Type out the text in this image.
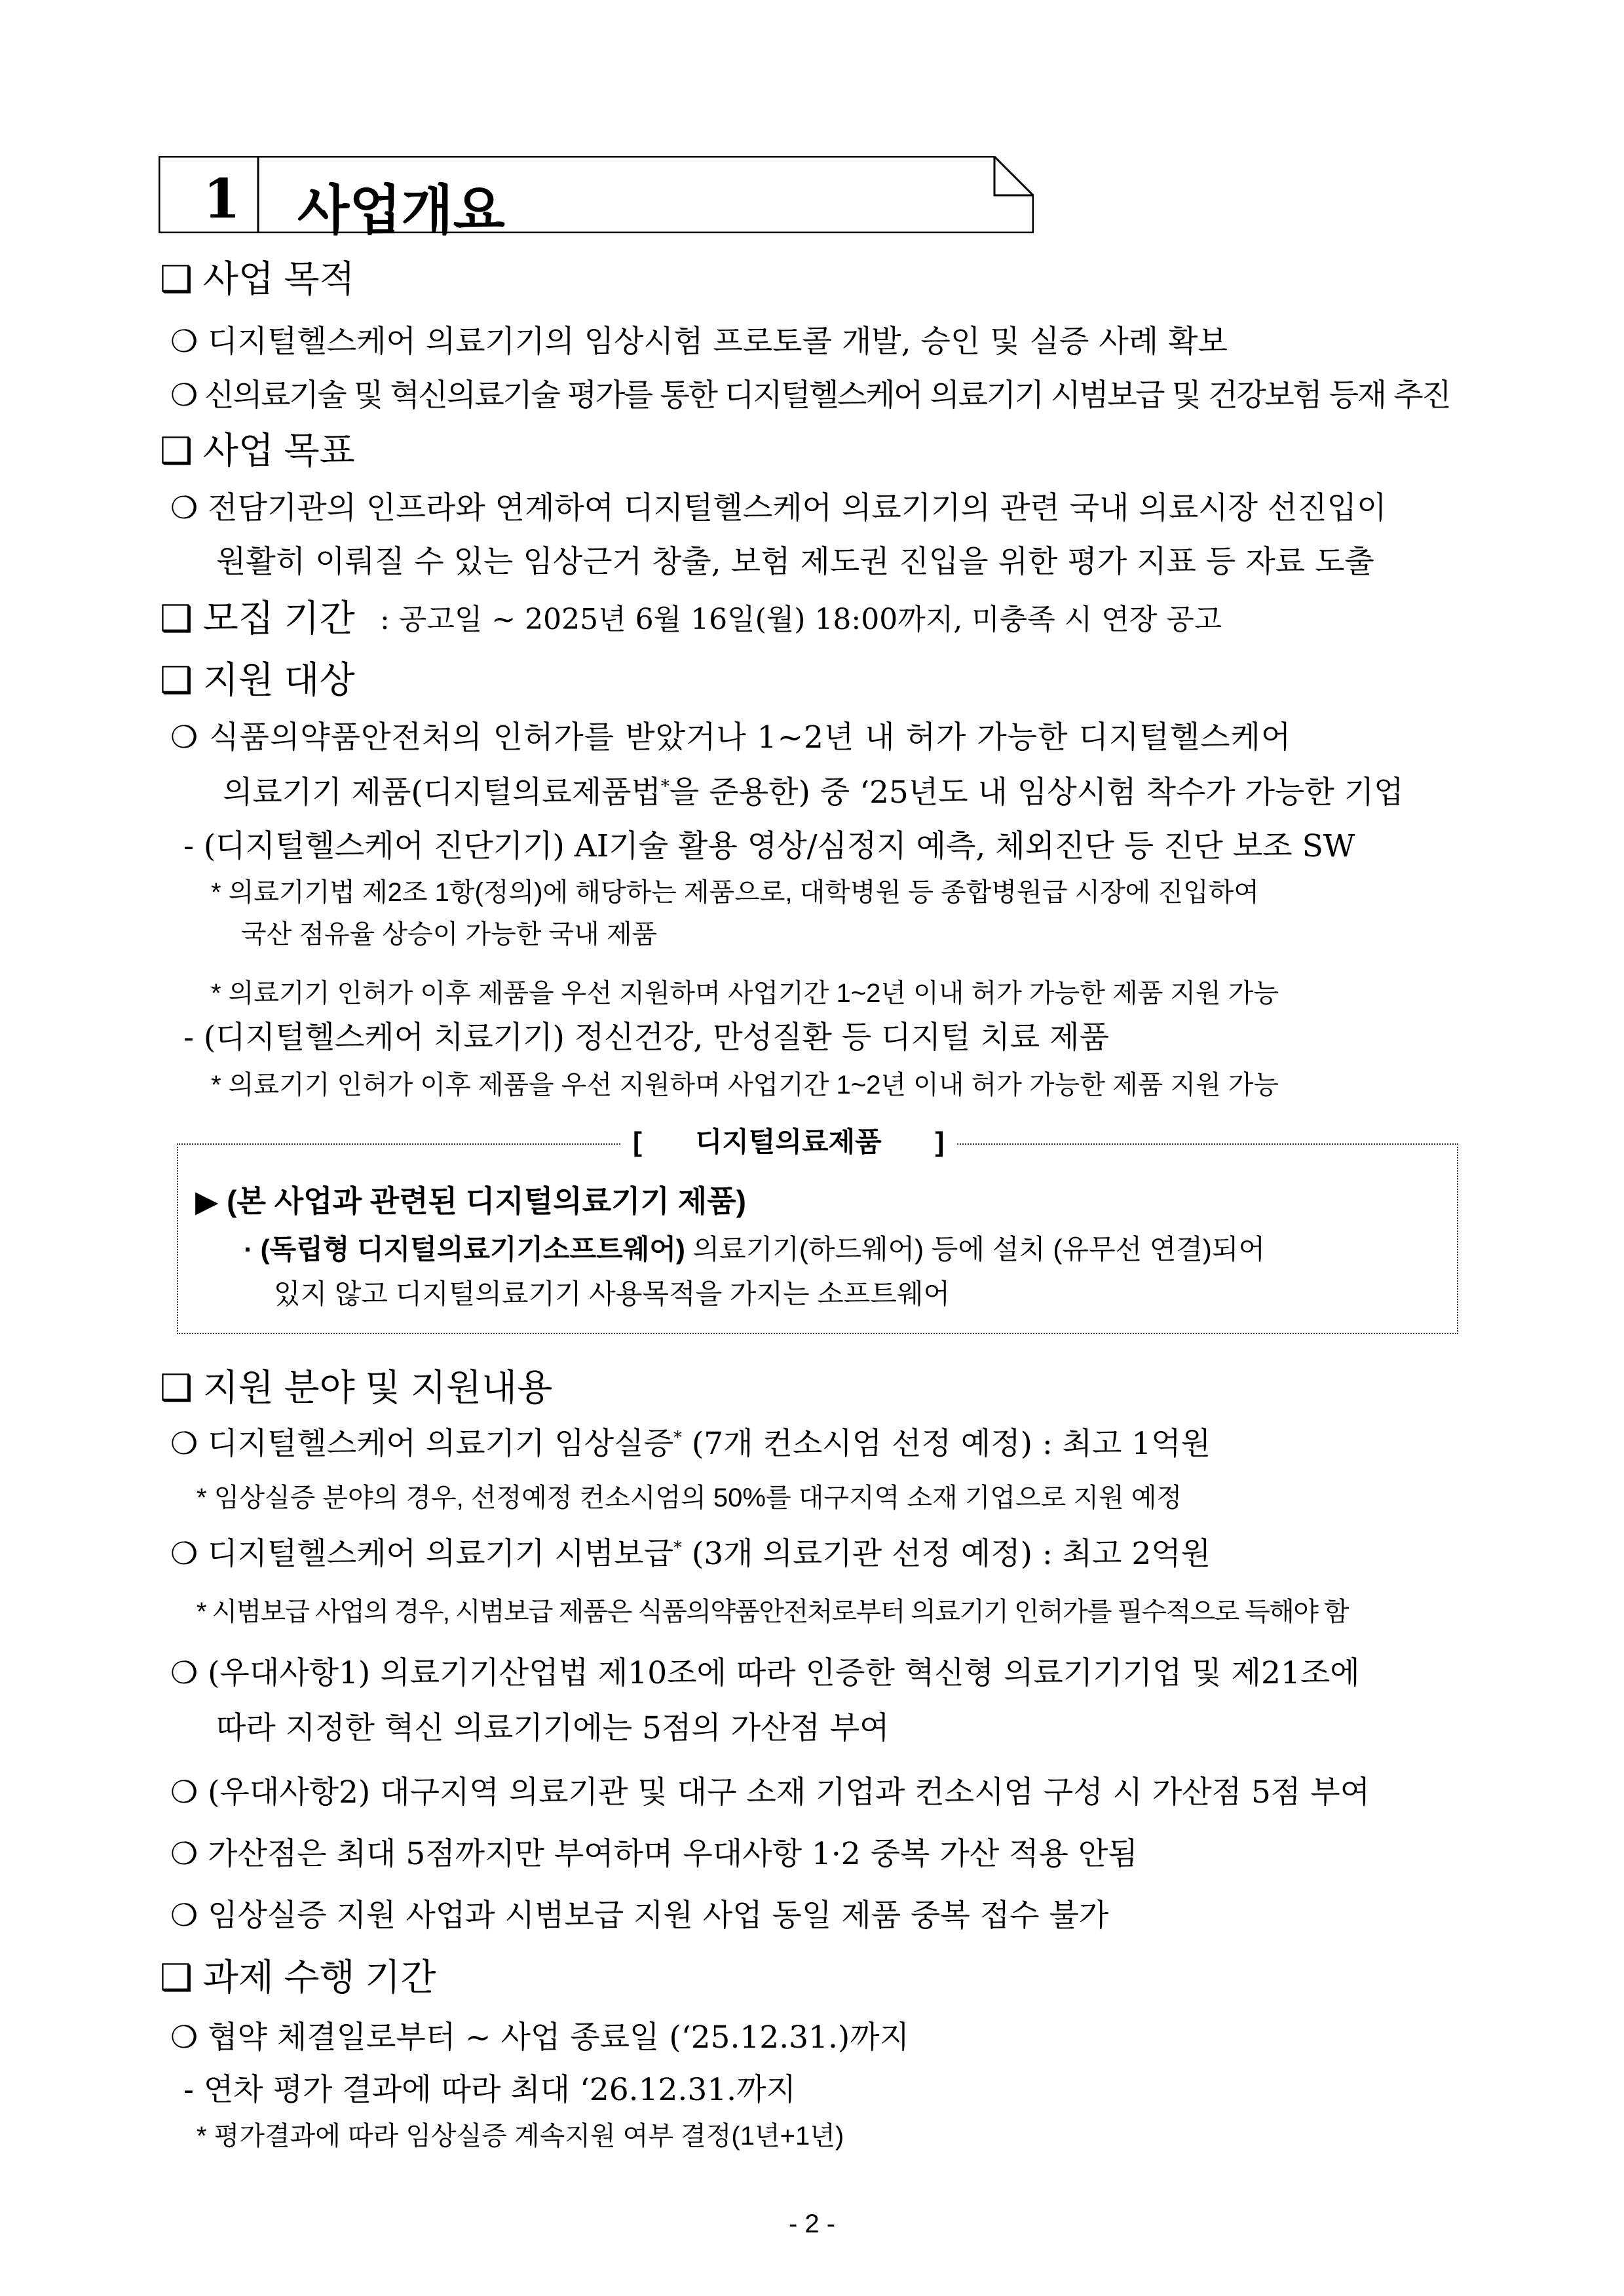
1 사업개요
❑ 사업 목적
❍ 디지털헬스케어 의료기기의 임상시험 프로토콜 개발, 승인 및 실증 사례 확보
❍ 신의료기술 및 혁신의료기술 평가를 통한 디지털헬스케어 의료기기 시범보급 및 건강보험 등재 추진
❑ 사업 목표
❍ 전담기관의 인프라와 연계하여 디지털헬스케어 의료기기의 관련 국내 의료시장 선진입이
원활히 이뤄질 수 있는 임상근거 창출, 보험 제도권 진입을 위한 평가 지표 등 자료 도출
❑ 모집 기간 : 공고일 ~ 2025년 6월 16일(월) 18:00까지, 미충족 시 연장 공고
❑ 지원 대상
❍ 식품의약품안전처의 인허가를 받았거나 1~2년 내 허가 가능한 디지털헬스케어
의료기기 제품(디지털의료제품법*을 준용한) 중 ‘25년도 내 임상시험 착수가 가능한 기업
- (디지털헬스케어 진단기기) AI기술 활용 영상/심정지 예측, 체외진단 등 진단 보조 SW
* 의료기기법 제2조 1항(정의)에 해당하는 제품으로, 대학병원 등 종합병원급 시장에 진입하여
국산 점유율 상승이 가능한 국내 제품
* 의료기기 인허가 이후 제품을 우선 지원하며 사업기간 1~2년 이내 허가 가능한 제품 지원 가능
- (디지털헬스케어 치료기기) 정신건강, 만성질환 등 디지털 치료 제품
* 의료기기 인허가 이후 제품을 우선 지원하며 사업기간 1~2년 이내 허가 가능한 제품 지원 가능
[ 디지털의료제품 ]
▶ (본 사업과 관련된 디지털의료기기 제품)
· (독립형 디지털의료기기소프트웨어) 의료기기(하드웨어) 등에 설치 (유무선 연결)되어
있지 않고 디지털의료기기 사용목적을 가지는 소프트웨어
❑ 지원 분야 및 지원내용
❍ 디지털헬스케어 의료기기 임상실증* (7개 컨소시엄 선정 예정) : 최고 1억원
* 임상실증 분야의 경우, 선정예정 컨소시엄의 50%를 대구지역 소재 기업으로 지원 예정
❍ 디지털헬스케어 의료기기 시범보급* (3개 의료기관 선정 예정) : 최고 2억원
* 시범보급 사업의 경우, 시범보급 제품은 식품의약품안전처로부터 의료기기 인허가를 필수적으로 득해야 함
❍ (우대사항1) 의료기기산업법 제10조에 따라 인증한 혁신형 의료기기기업 및 제21조에
따라 지정한 혁신 의료기기에는 5점의 가산점 부여
❍ (우대사항2) 대구지역 의료기관 및 대구 소재 기업과 컨소시엄 구성 시 가산점 5점 부여
❍ 가산점은 최대 5점까지만 부여하며 우대사항 1·2 중복 가산 적용 안됨
❍ 임상실증 지원 사업과 시범보급 지원 사업 동일 제품 중복 접수 불가
❑ 과제 수행 기간
❍ 협약 체결일로부터 ~ 사업 종료일 (‘25.12.31.)까지
- 연차 평가 결과에 따라 최대 ‘26.12.31.까지
* 평가결과에 따라 임상실증 계속지원 여부 결정(1년+1년)
- 2 -
